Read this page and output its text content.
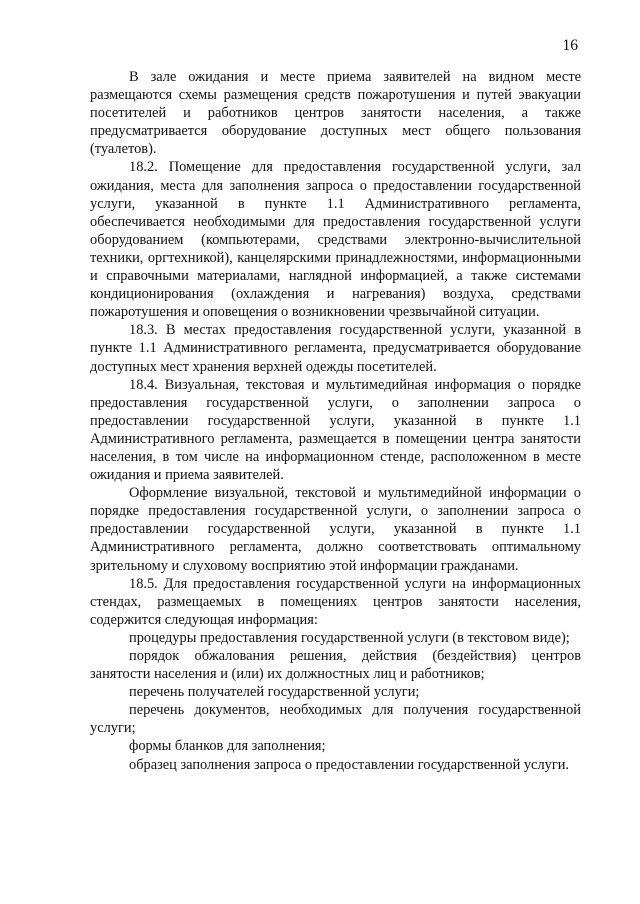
16

В зале ожидания и месте приема заявителей на видном месте размещаются схемы размещения средств пожаротушения и путей эвакуации посетителей и работников центров занятости населения, а также предусматривается оборудование доступных мест общего пользования (туалетов).

18.2. Помещение для предоставления государственной услуги, зал ожидания, места для заполнения запроса о предоставлении государственной услуги, указанной в пункте 1.1 Административного регламента, обеспечивается необходимыми для предоставления государственной услуги оборудованием (компьютерами, средствами электронно-вычислительной техники, оргтехникой), канцелярскими принадлежностями, информационными и справочными материалами, наглядной информацией, а также системами кондиционирования (охлаждения и нагревания) воздуха, средствами пожаротушения и оповещения о возникновении чрезвычайной ситуации.

18.3. В местах предоставления государственной услуги, указанной в пункте 1.1 Административного регламента, предусматривается оборудование доступных мест хранения верхней одежды посетителей.

18.4. Визуальная, текстовая и мультимедийная информация о порядке предоставления государственной услуги, о заполнении запроса о предоставлении государственной услуги, указанной в пункте 1.1 Административного регламента, размещается в помещении центра занятости населения, в том числе на информационном стенде, расположенном в месте ожидания и приема заявителей.

Оформление визуальной, текстовой и мультимедийной информации о порядке предоставления государственной услуги, о заполнении запроса о предоставлении государственной услуги, указанной в пункте 1.1 Административного регламента, должно соответствовать оптимальному зрительному и слуховому восприятию этой информации гражданами.

18.5. Для предоставления государственной услуги на информационных стендах, размещаемых в помещениях центров занятости населения, содержится следующая информация:

процедуры предоставления государственной услуги (в текстовом виде);

порядок обжалования решения, действия (бездействия) центров занятости населения и (или) их должностных лиц и работников;

перечень получателей государственной услуги;

перечень документов, необходимых для получения государственной услуги;

формы бланков для заполнения;

образец заполнения запроса о предоставлении государственной услуги.
